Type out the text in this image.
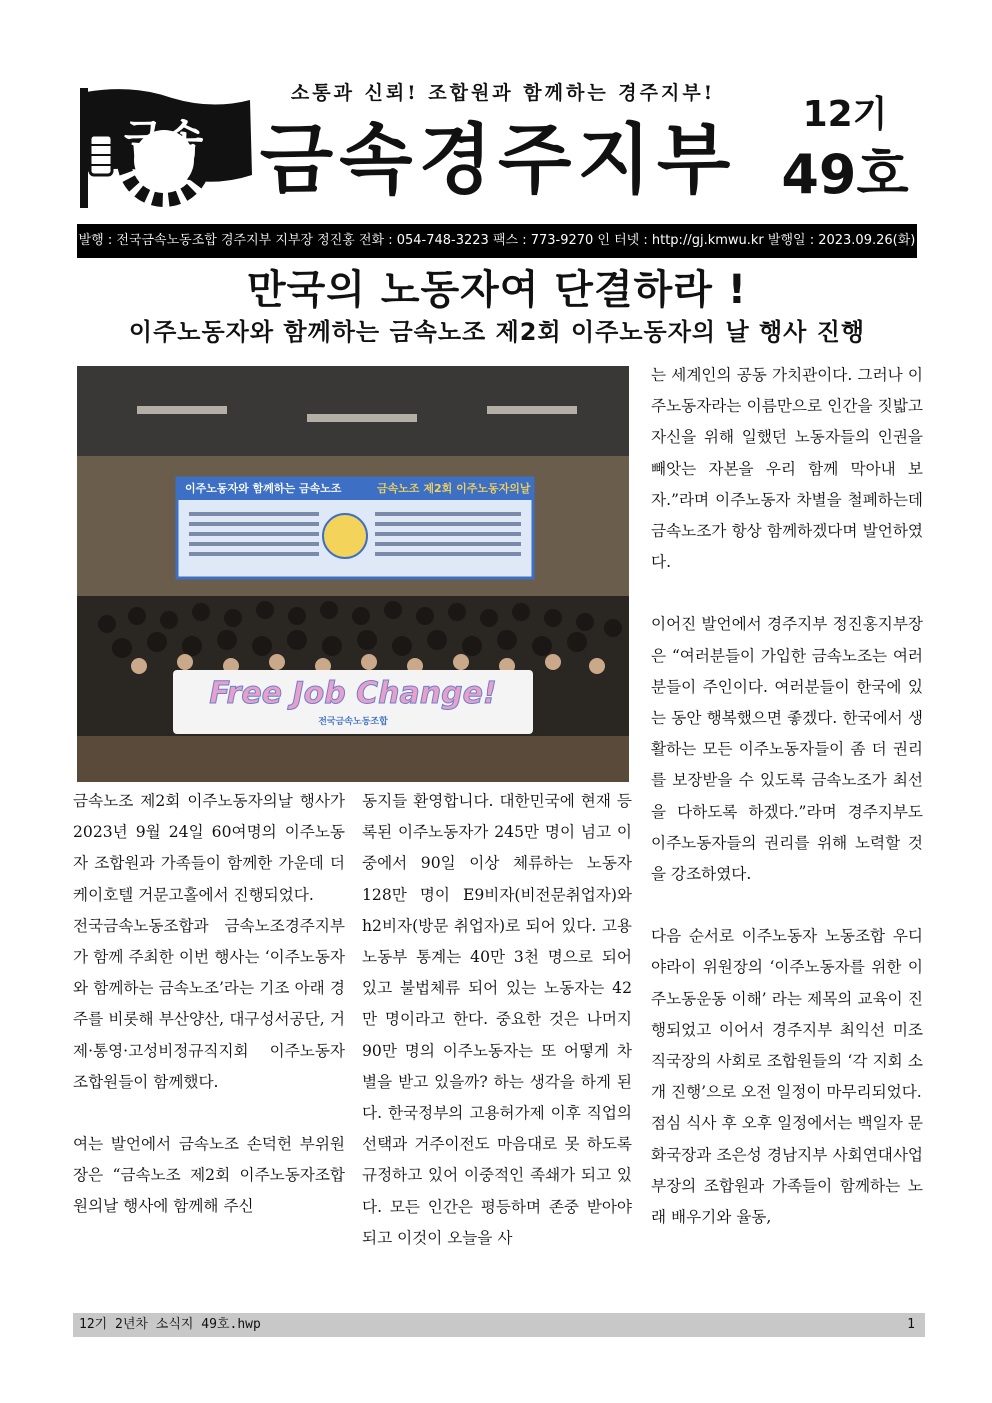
금속
소통과 신뢰! 조합원과 함께하는 경주지부!
금속경주지부
12기
49호
발행 : 전국금속노동조합 경주지부 지부장 정진홍 전화 : 054-748-3223 팩스 : 773-9270 인 터넷 : http://gj.kmwu.kr 발행일 : 2023.09.26(화)
만국의 노동자여 단결하라 !
이주노동자와 함께하는 금속노조 제2회 이주노동자의 날 행사 진행
이주노동자와 함께하는 금속노조	금속노조 제2회 이주노동자의날
Free Job Change!
전국금속노동조합

금속노조 제2회 이주노동자의날 행사가 2023년 9월 24일 60여명의 이주노동자 조합원과 가족들이 함께한 가운데 더케이호텔 거문고홀에서 진행되었다.

전국금속노동조합과 금속노조경주지부가 함께 주최한 이번 행사는 ‘이주노동자와 함께하는 금속노조’라는 기조 아래 경주를 비롯해 부산양산, 대구성서공단, 거제·통영·고성비정규직지회 이주노동자 조합원들이 함께했다.

여는 발언에서 금속노조 손덕헌 부위원장은 “금속노조 제2회 이주노동자조합원의날 행사에 함께해 주신

동지들 환영합니다. 대한민국에 현재 등록된 이주노동자가 245만 명이 넘고 이 중에서 90일 이상 체류하는 노동자 128만 명이 E9비자(비전문취업자)와 h2비자(방문 취업자)로 되어 있다. 고용노동부 통계는 40만 3천 명으로 되어 있고 불법체류 되어 있는 노동자는 42만 명이라고 한다. 중요한 것은 나머지 90만 명의 이주노동자는 또 어떻게 차별을 받고 있을까? 하는 생각을 하게 된다. 한국정부의 고용허가제 이후 직업의 선택과 거주이전도 마음대로 못 하도록 규정하고 있어 이중적인 족쇄가 되고 있다. 모든 인간은 평등하며 존중 받아야 되고 이것이 오늘을 사

는 세계인의 공동 가치관이다. 그러나 이주노동자라는 이름만으로 인간을 짓밟고 자신을 위해 일했던 노동자들의 인권을 빼앗는 자본을 우리 함께 막아내 보자.”라며 이주노동자 차별을 철폐하는데 금속노조가 항상 함께하겠다며 발언하였다.

이어진 발언에서 경주지부 정진홍지부장은 “여러분들이 가입한 금속노조는 여러분들이 주인이다. 여러분들이 한국에 있는 동안 행복했으면 좋겠다. 한국에서 생활하는 모든 이주노동자들이 좀 더 권리를 보장받을 수 있도록 금속노조가 최선을 다하도록 하겠다.”라며 경주지부도 이주노동자들의 권리를 위해 노력할 것을 강조하였다.

다음 순서로 이주노동자 노동조합 우디야라이 위원장의 ‘이주노동자를 위한 이주노동운동 이해’ 라는 제목의 교육이 진행되었고 이어서 경주지부 최익선 미조직국장의 사회로 조합원들의 ‘각 지회 소개 진행’으로 오전 일정이 마무리되었다.

점심 식사 후 오후 일정에서는 백일자 문화국장과 조은성 경남지부 사회연대사업부장의 조합원과 가족들이 함께하는 노래 배우기와 율동,

12기 2년차 소식지 49호.hwp	1
